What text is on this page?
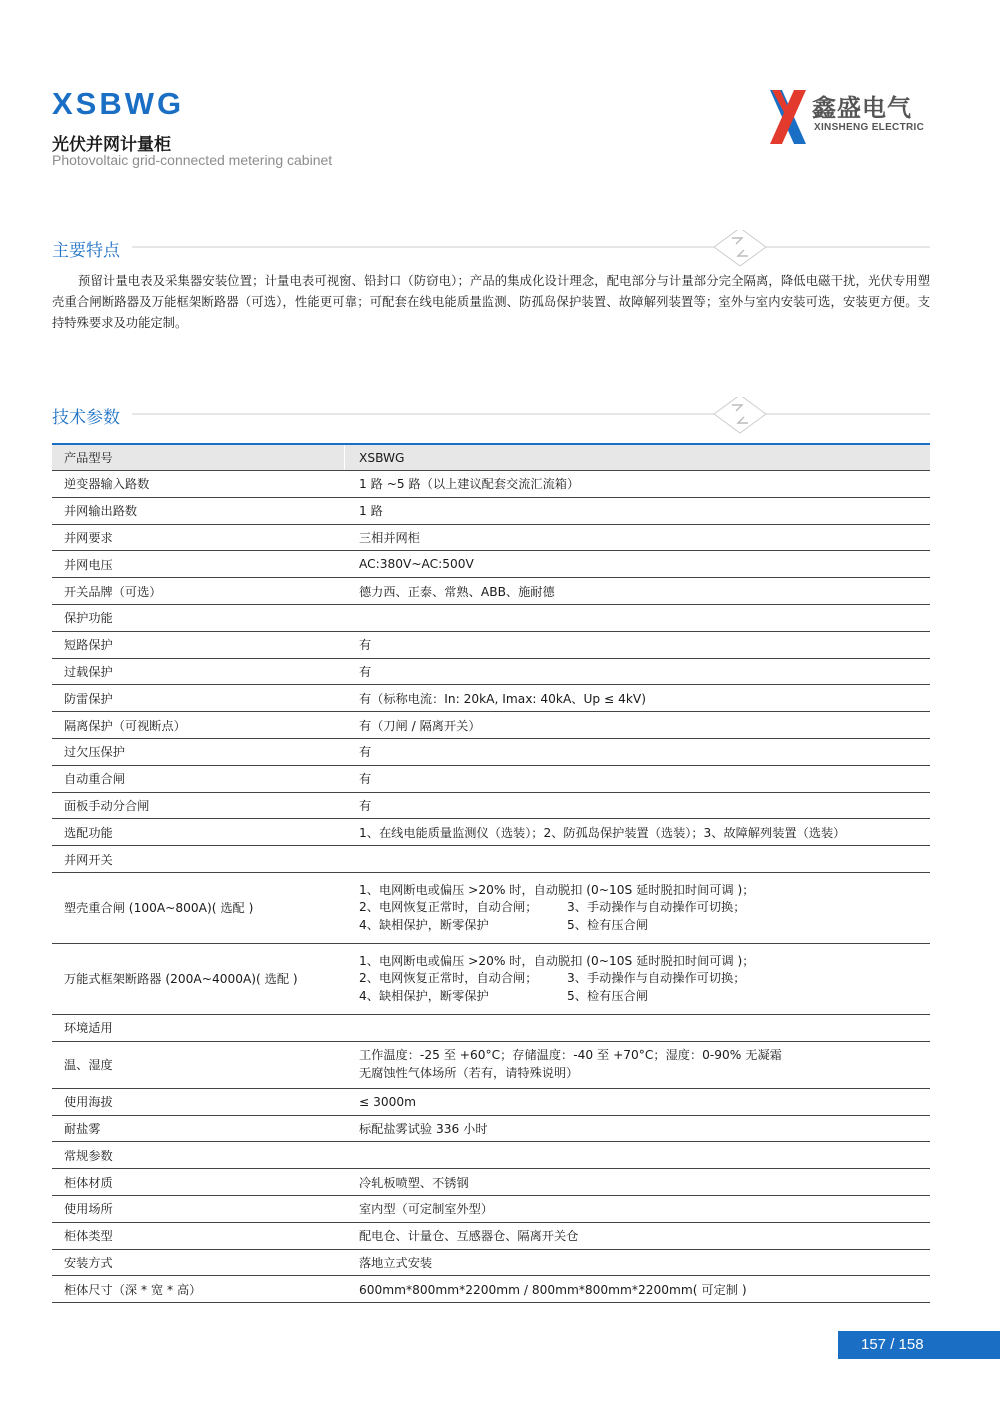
XSBWG
光伏并网计量柜

Photovoltaic grid-connected metering cabinet

鑫盛电气
XINSHENG ELECTRIC
主要特点

预留计量电表及采集器安装位置；计量电表可视窗、铅封口（防窃电）；产品的集成化设计理念，配电部分与计量部分完全隔离，降低电磁干扰，光伏专用塑壳重合闸断路器及万能框架断路器（可选），性能更可靠；可配套在线电能质量监测、防孤岛保护装置、故障解列装置等；室外与室内安装可选，安装更方便。支持特殊要求及功能定制。

技术参数
产品型号	XSBWG
逆变器输入路数	1 路 ~5 路（以上建议配套交流汇流箱）
并网输出路数	1 路
并网要求	三相并网柜
并网电压	AC:380V~AC:500V
开关品牌（可选）	德力西、正泰、常熟、ABB、施耐德
保护功能	
短路保护	有
过载保护	有
防雷保护	有（标称电流：In: 20kA, Imax: 40kA、Up ≤ 4kV)
隔离保护（可视断点）	有（刀闸 / 隔离开关）
过欠压保护	有
自动重合闸	有
面板手动分合闸	有
选配功能	1、在线电能质量监测仪（选装）；2、防孤岛保护装置（选装）；3、故障解列装置（选装）
并网开关	
塑壳重合闸 (100A~800A)( 选配 )	1、电网断电或偏压 >20% 时，自动脱扣 (0~10S 延时脱扣时间可调 )；
2、电网恢复正常时，自动合闸； 3、手动操作与自动操作可切换；
4、缺相保护，断零保护 5、检有压合闸

万能式框架断路器 (200A~4000A)( 选配 )	1、电网断电或偏压 >20% 时，自动脱扣 (0~10S 延时脱扣时间可调 )；
2、电网恢复正常时，自动合闸； 3、手动操作与自动操作可切换；
4、缺相保护，断零保护 5、检有压合闸

环境适用	
温、湿度	工作温度：-25 至 +60°C；存储温度：-40 至 +70°C；湿度：0-90% 无凝霜
无腐蚀性气体场所（若有，请特殊说明）

使用海拔	≤ 3000m
耐盐雾	标配盐雾试验 336 小时
常规参数	
柜体材质	冷轧板喷塑、不锈钢
使用场所	室内型（可定制室外型）
柜体类型	配电仓、计量仓、互感器仓、隔离开关仓
安装方式	落地立式安装
柜体尺寸（深 * 宽 * 高）	600mm*800mm*2200mm / 800mm*800mm*2200mm( 可定制 )
157 / 158
